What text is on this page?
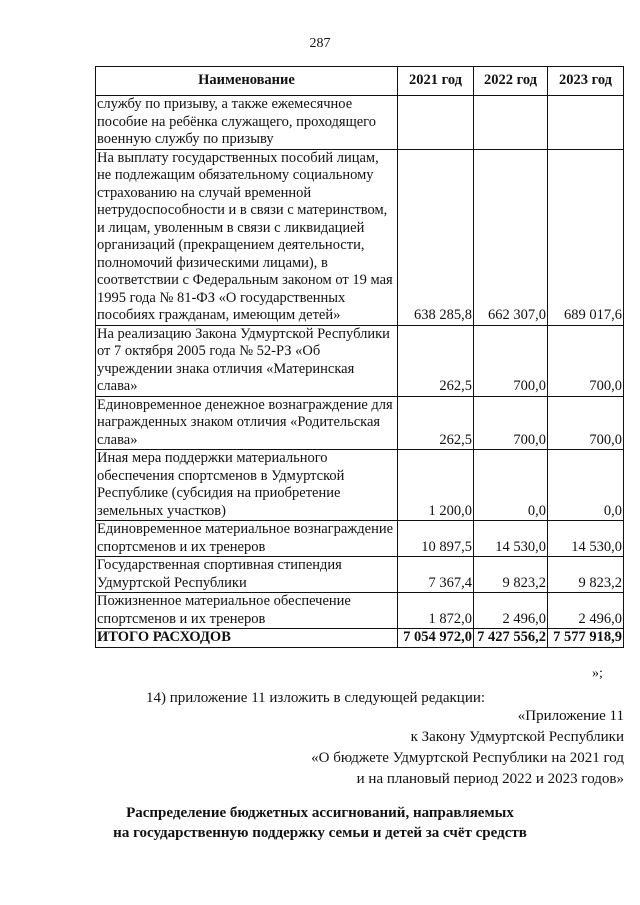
287
Наименование	2021 год	2022 год	2023 год
службу по призыву, а также ежемесячное пособие на ребёнка служащего, проходящего военную службу по призыву			
На выплату государственных пособий лицам, не подлежащим обязательному социальному страхованию на случай временной нетрудоспособности и в связи с материнством, и лицам, уволенным в связи с ликвидацией организаций (прекращением деятельности, полномочий физическими лицами), в соответствии с Федеральным законом от 19 мая 1995 года № 81-ФЗ «О государственных пособиях гражданам, имеющим детей»	638 285,8	662 307,0	689 017,6
На реализацию Закона Удмуртской Республики от 7 октября 2005 года № 52-РЗ «Об учреждении знака отличия «Материнская слава»	262,5	700,0	700,0
Единовременное денежное вознаграждение для награжденных знаком отличия «Родительская слава»	262,5	700,0	700,0
Иная мера поддержки материального обеспечения спортсменов в Удмуртской Республике (субсидия на приобретение земельных участков)	1 200,0	0,0	0,0
Единовременное материальное вознаграждение спортсменов и их тренеров	10 897,5	14 530,0	14 530,0
Государственная спортивная стипендия Удмуртской Республики	7 367,4	9 823,2	9 823,2
Пожизненное материальное обеспечение спортсменов и их тренеров	1 872,0	2 496,0	2 496,0
ИТОГО РАСХОДОВ	7 054 972,0	7 427 556,2	7 577 918,9
»;
14) приложение 11 изложить в следующей редакции:
«Приложение 11
к Закону Удмуртской Республики
«О бюджете Удмуртской Республики на 2021 год
и на плановый период 2022 и 2023 годов»
Распределение бюджетных ассигнований, направляемых
на государственную поддержку семьи и детей за счёт средств
